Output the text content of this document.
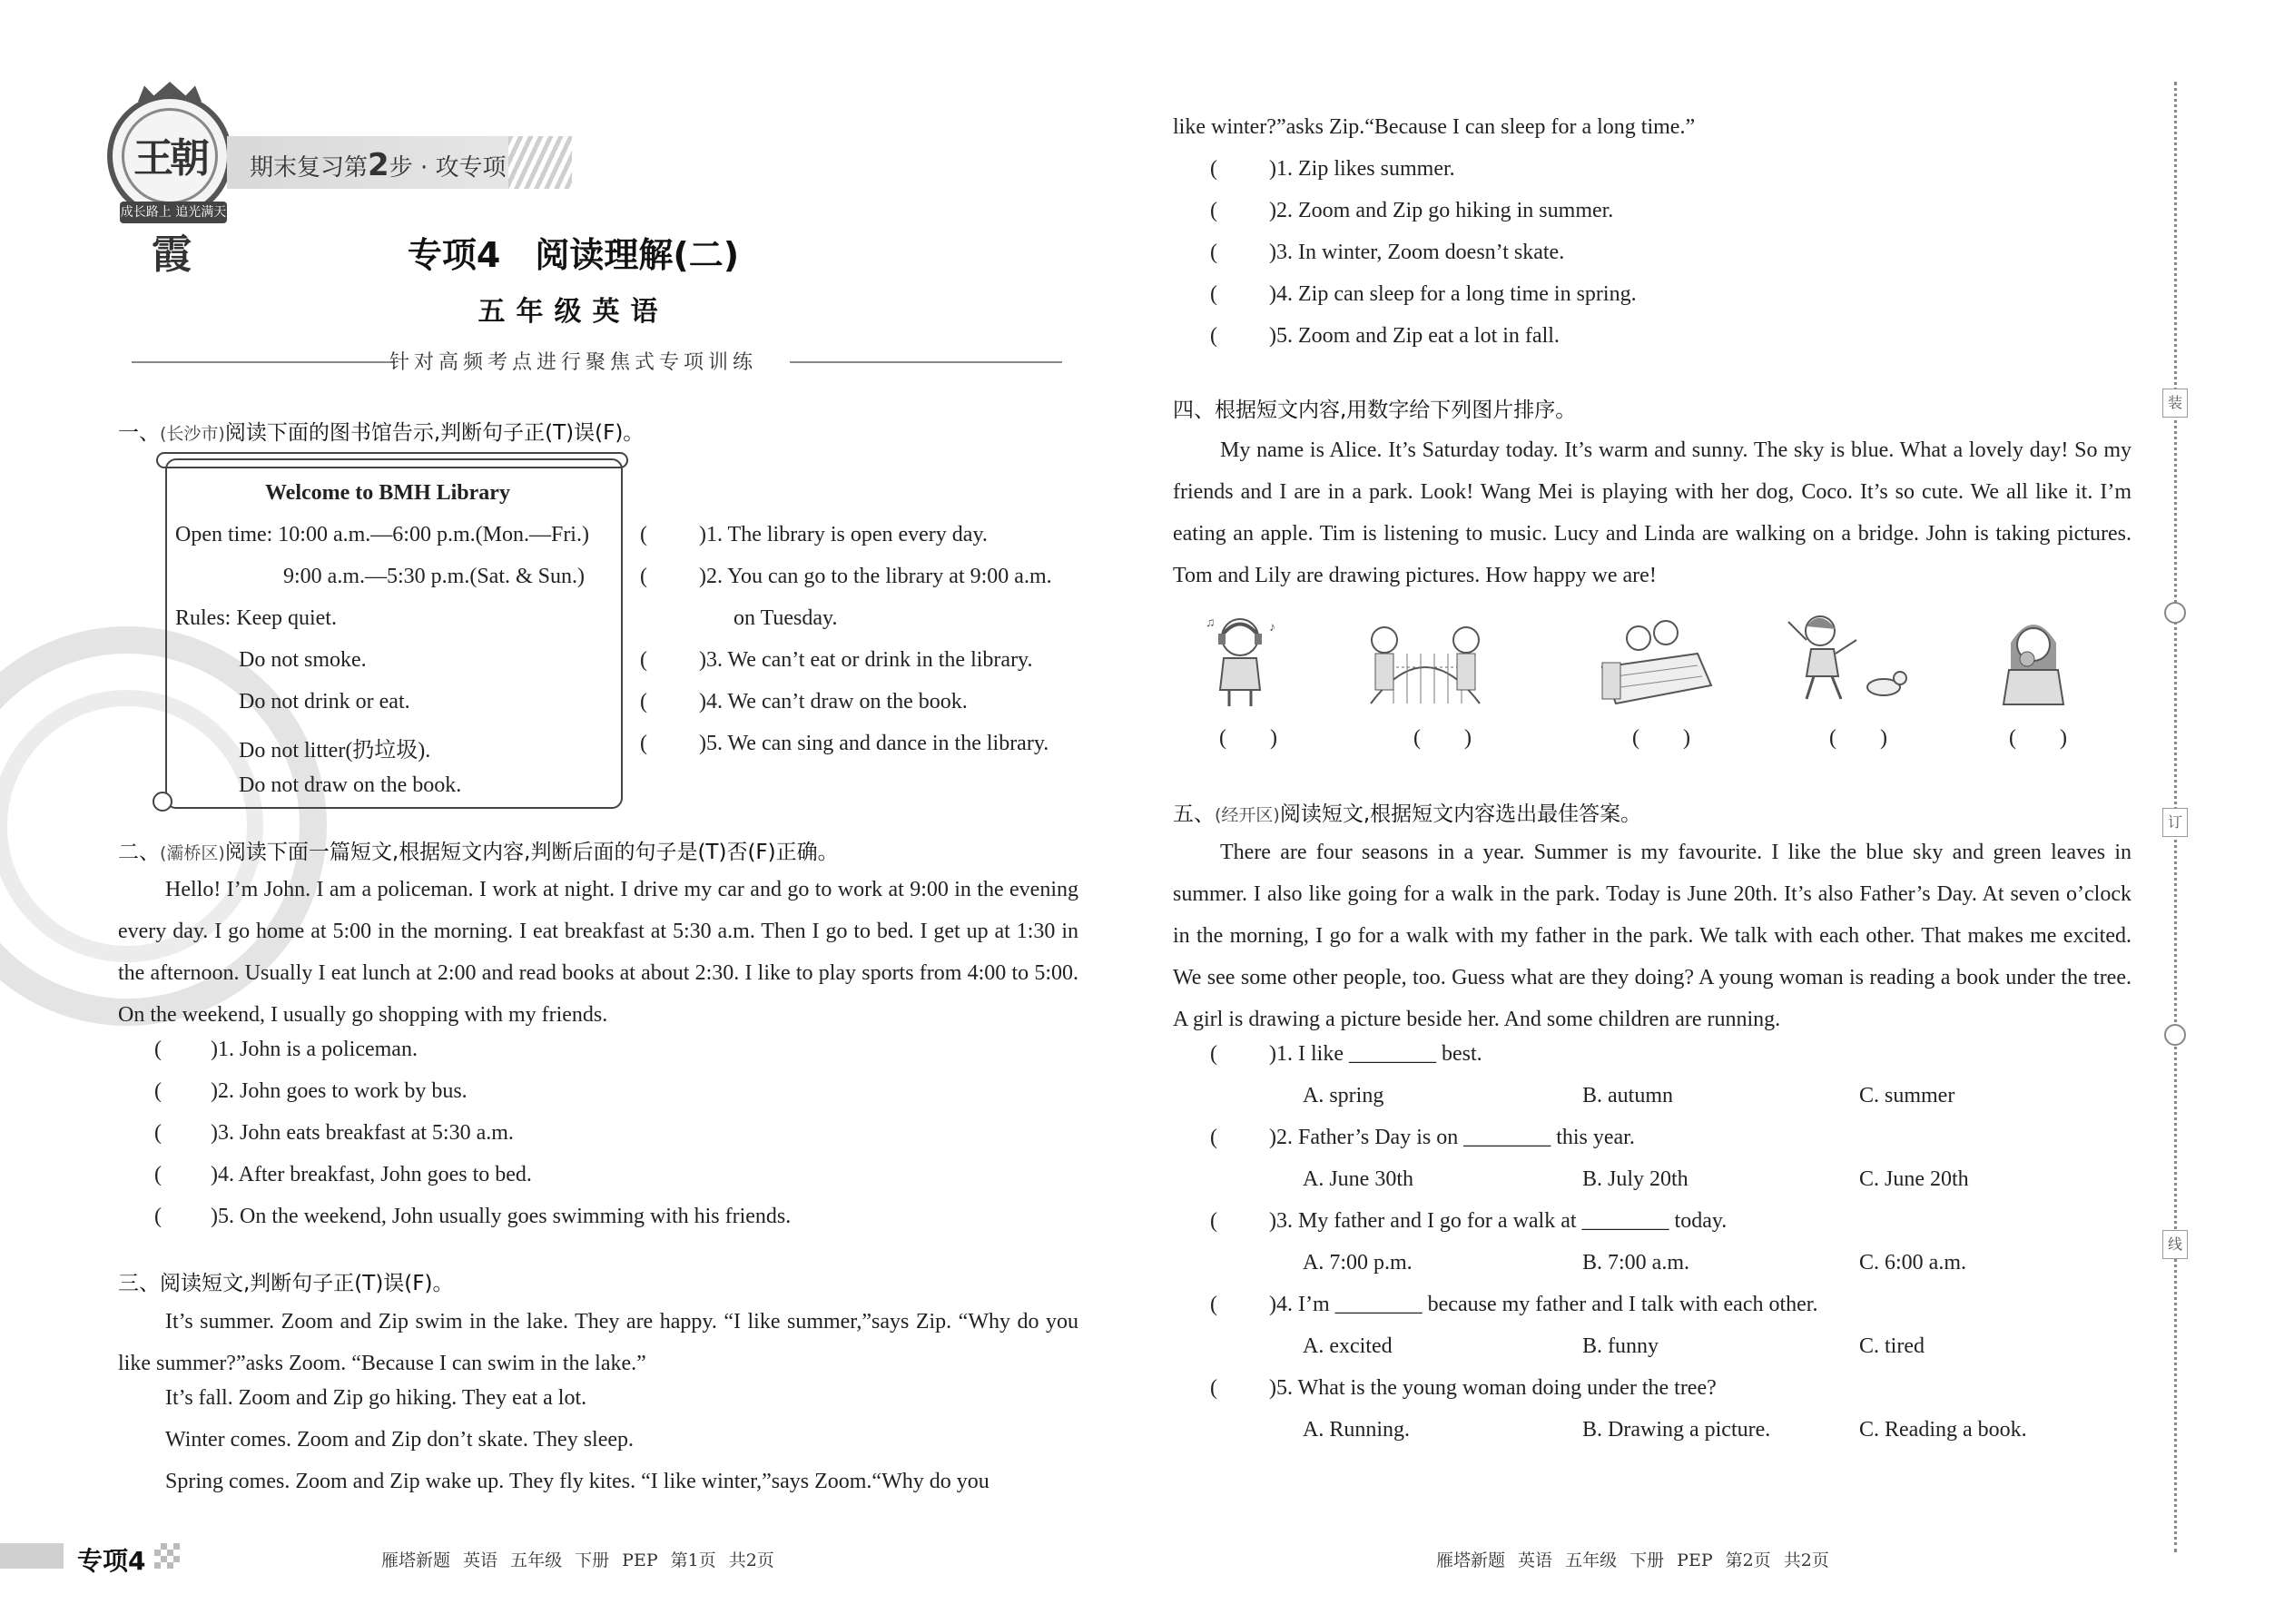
王朝霞
成长路上 追光满天
期末复习第2步 · 攻专项
专项4　阅读理解(二)
五年级英语
针对高频考点进行聚焦式专项训练
一、(长沙市)阅读下面的图书馆告示,判断句子正(T)误(F)。
Welcome to BMH Library
Open time: 10:00 a.m.—6:00 p.m.(Mon.—Fri.)
9:00 a.m.—5:30 p.m.(Sat. & Sun.)
Rules: Keep quiet.
Do not smoke.
Do not drink or eat.
Do not litter(扔垃圾).
Do not draw on the book.
( )1. The library is open every day.
( )2. You can go to the library at 9:00 a.m.
on Tuesday.
( )3. We can’t eat or drink in the library.
( )4. We can’t draw on the book.
( )5. We can sing and dance in the library.
二、(灞桥区)阅读下面一篇短文,根据短文内容,判断后面的句子是(T)否(F)正确。
Hello! I’m John. I am a policeman. I work at night. I drive my car and go to work at 9:00 in the evening every day. I go home at 5:00 in the morning. I eat breakfast at 5:30 a.m. Then I go to bed. I get up at 1:30 in the afternoon. Usually I eat lunch at 2:00 and read books at about 2:30. I like to play sports from 4:00 to 5:00. On the weekend, I usually go shopping with my friends.
( )1. John is a policeman.
( )2. John goes to work by bus.
( )3. John eats breakfast at 5:30 a.m.
( )4. After breakfast, John goes to bed.
( )5. On the weekend, John usually goes swimming with his friends.
三、阅读短文,判断句子正(T)误(F)。
It’s summer. Zoom and Zip swim in the lake. They are happy. “I like summer,”says Zip. “Why do you like summer?”asks Zoom. “Because I can swim in the lake.”
It’s fall. Zoom and Zip go hiking. They eat a lot.
Winter comes. Zoom and Zip don’t skate. They sleep.
Spring comes. Zoom and Zip wake up. They fly kites. “I like winter,”says Zoom.“Why do you
专项4	雁塔新题 英语 五年级 下册 PEP 第1页 共2页
like winter?”asks Zip.“Because I can sleep for a long time.”
( )1. Zip likes summer.
( )2. Zoom and Zip go hiking in summer.
( )3. In winter, Zoom doesn’t skate.
( )4. Zip can sleep for a long time in spring.
( )5. Zoom and Zip eat a lot in fall.
四、根据短文内容,用数字给下列图片排序。
My name is Alice. It’s Saturday today. It’s warm and sunny. The sky is blue. What a lovely day! So my friends and I are in a park. Look! Wang Mei is playing with her dog, Coco. It’s so cute. We all like it. I’m eating an apple. Tim is listening to music. Lucy and Linda are walking on a bridge. John is taking pictures. Tom and Lily are drawing pictures. How happy we are!
♪
♫
(　　)	(　　)	(　　)	(　　)	(　　)
五、(经开区)阅读短文,根据短文内容选出最佳答案。
There are four seasons in a year. Summer is my favourite. I like the blue sky and green leaves in summer. I also like going for a walk in the park. Today is June 20th. It’s also Father’s Day. At seven o’clock in the morning, I go for a walk with my father in the park. We talk with each other. That makes me excited. We see some other people, too. Guess what are they doing? A young woman is reading a book under the tree. A girl is drawing a picture beside her. And some children are running.
( )1. I like ________ best.
A. spring	B. autumn	C. summer
( )2. Father’s Day is on ________ this year.
A. June 30th	B. July 20th	C. June 20th
( )3. My father and I go for a walk at ________ today.
A. 7:00 p.m.	B. 7:00 a.m.	C. 6:00 a.m.
( )4. I’m ________ because my father and I talk with each other.
A. excited	B. funny	C. tired
( )5. What is the young woman doing under the tree?
A. Running.	B. Drawing a picture.	C. Reading a book.
雁塔新题 英语 五年级 下册 PEP 第2页 共2页
装
订
线
